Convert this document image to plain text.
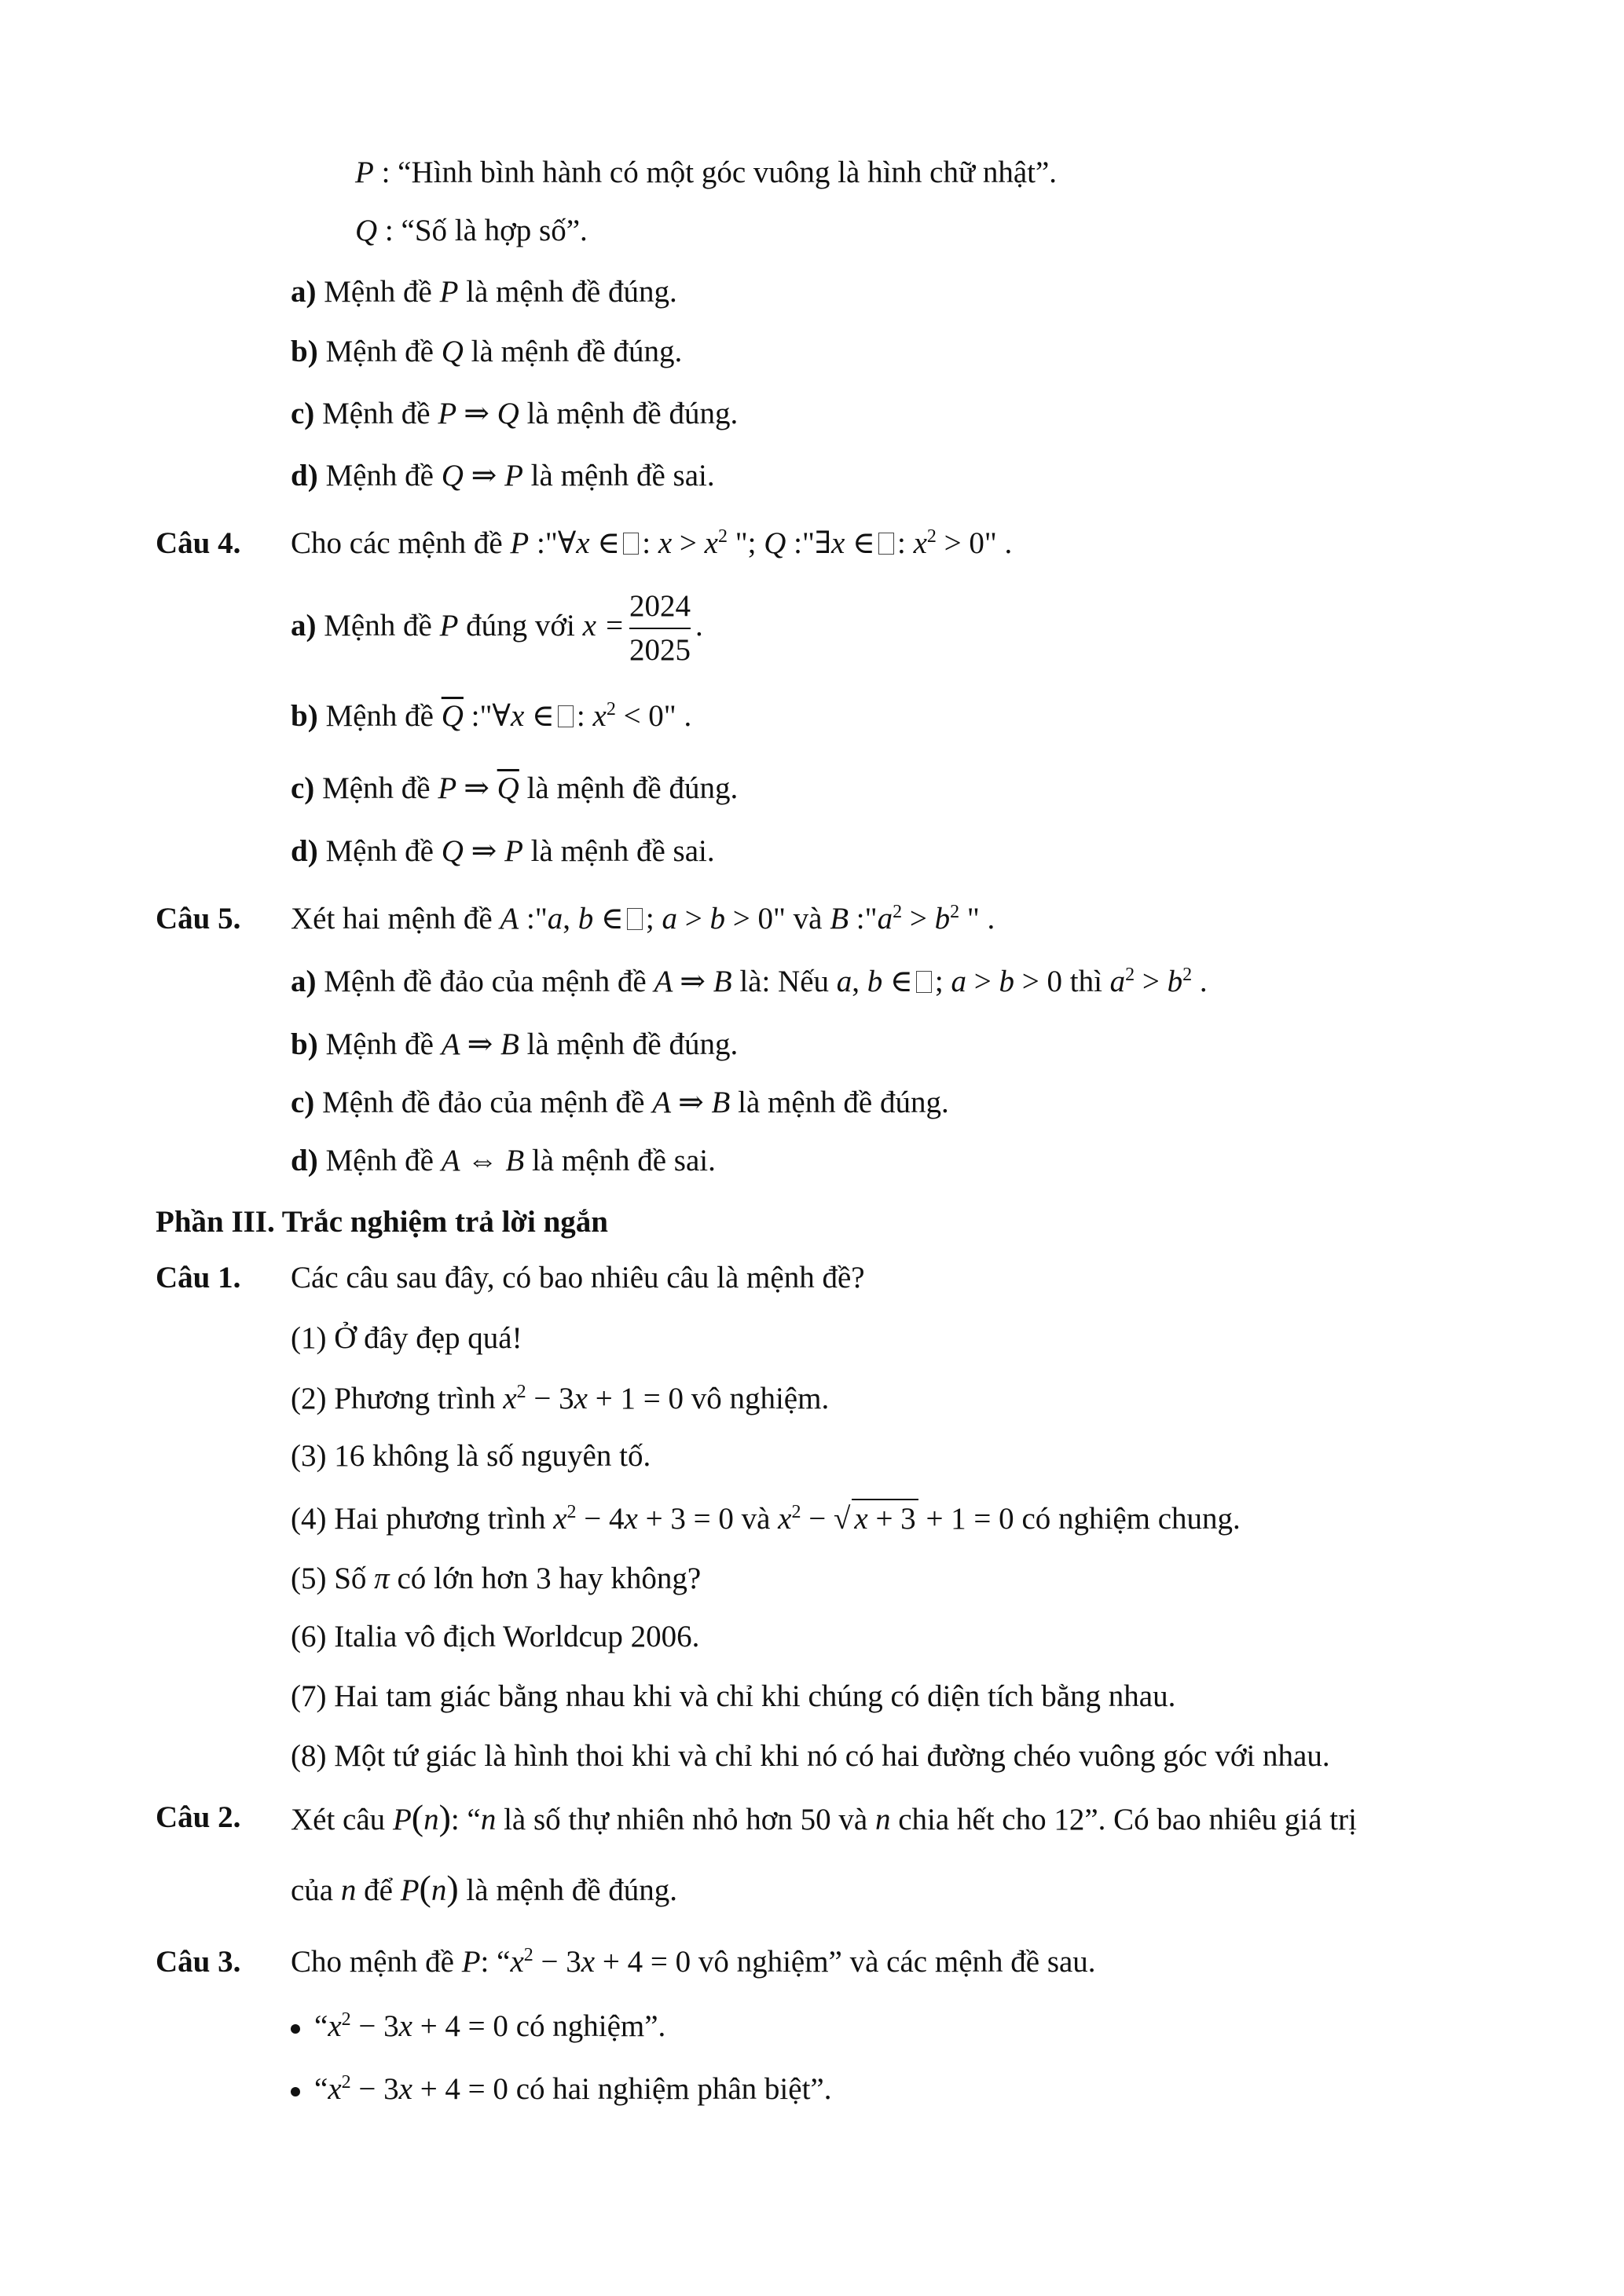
P : “Hình bình hành có một góc vuông là hình chữ nhật”.
Q : “Số là hợp số”.
a) Mệnh đề P là mệnh đề đúng.
b) Mệnh đề Q là mệnh đề đúng.
c) Mệnh đề P ⇒ Q là mệnh đề đúng.
d) Mệnh đề Q ⇒ P là mệnh đề sai.
Câu 4. Cho các mệnh đề P :"∀x ∈ : $x > x^2$ "; Q :"∃x ∈ : $x^2 > 0$" .
a) Mệnh đề P đúng với $x = \frac{2024}{2025}$ .
b) Mệnh đề $\overline{Q}$ :"∀x ∈ : $x^2 < 0$" .
c) Mệnh đề P ⇒ $\overline{Q}$ là mệnh đề đúng.
d) Mệnh đề Q ⇒ P là mệnh đề sai.
Câu 5. Xét hai mệnh đề A :"a, b ∈ ; a > b > 0" và B $:"a^2 > b^2$ " .
a) Mệnh đề đảo của mệnh đề A ⇒ B là: Nếu a, b ∈ ; a > b > 0 thì $a^2 > b^2$ .
b) Mệnh đề A ⇒ B là mệnh đề đúng.
c) Mệnh đề đảo của mệnh đề A ⇒ B là mệnh đề đúng.
d) Mệnh đề A ⇔ B là mệnh đề sai.
Phần III. Trắc nghiệm trả lời ngắn
Câu 1. Các câu sau đây, có bao nhiêu câu là mệnh đề?
(1) Ở đây đẹp quá!
(2) Phương trình $x^2 - 3x + 1 = 0$ vô nghiệm.
(3) 16 không là số nguyên tố.
(4) Hai phương trình $x^2 - 4x + 3 = 0$ và $x^2$ − √ x + 3 + 1 = 0 có nghiệm chung.
(5) Số π có lớn hơn 3 hay không?
(6) Italia vô địch Worldcup 2006.
(7) Hai tam giác bằng nhau khi và chỉ khi chúng có diện tích bằng nhau.
(8) Một tứ giác là hình thoi khi và chỉ khi nó có hai đường chéo vuông góc với nhau.
Câu 2. Xét câu P(n): “n là số thự nhiên nhỏ hơn 50 và n chia hết cho 12”. Có bao nhiêu giá trị
của n để P(n) là mệnh đề đúng.
Câu 3. Cho mệnh đề P: “$x^2 - 3x + 4 = 0$ vô nghiệm” và các mệnh đề sau.
“$x^2 - 3x + 4 = 0$ có nghiệm”.
“$x^2 - 3x + 4 = 0$ có hai nghiệm phân biệt”.
